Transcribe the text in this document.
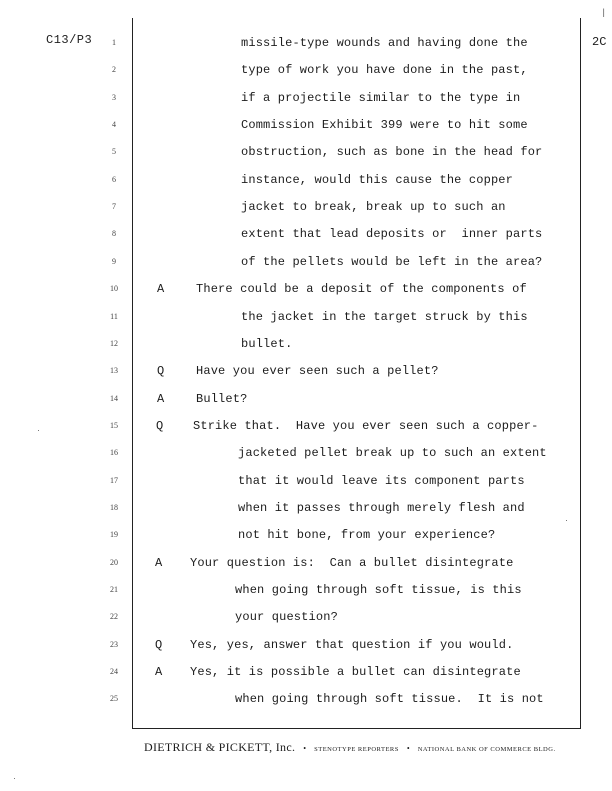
C13/P3	2C
|
1	missile-type wounds and having done the
2	type of work you have done in the past,
3	if a projectile similar to the type in
4	Commission Exhibit 399 were to hit some
5	obstruction, such as bone in the head for
6	instance, would this cause the copper
7	jacket to break, break up to such an
8	extent that lead deposits or  inner parts
9	of the pellets would be left in the area?
10	A	There could be a deposit of the components of
11	the jacket in the target struck by this
12	bullet.
13	Q	Have you ever seen such a pellet?
14	A	Bullet?
15	Q Strike that.  Have you ever seen such a copper-
16	jacketed pellet break up to such an extent
17	that it would leave its component parts
18	when it passes through merely flesh and
19	not hit bone, from your experience?
20	A Your question is:  Can a bullet disintegrate
21	when going through soft tissue, is this
22	your question?
23	Q Yes, yes, answer that question if you would.
24	A Yes, it is possible a bullet can disintegrate
25	when going through soft tissue.  It is not
DIETRICH & PICKETT, Inc. • STENOTYPE REPORTERS • NATIONAL BANK OF COMMERCE BLDG.
